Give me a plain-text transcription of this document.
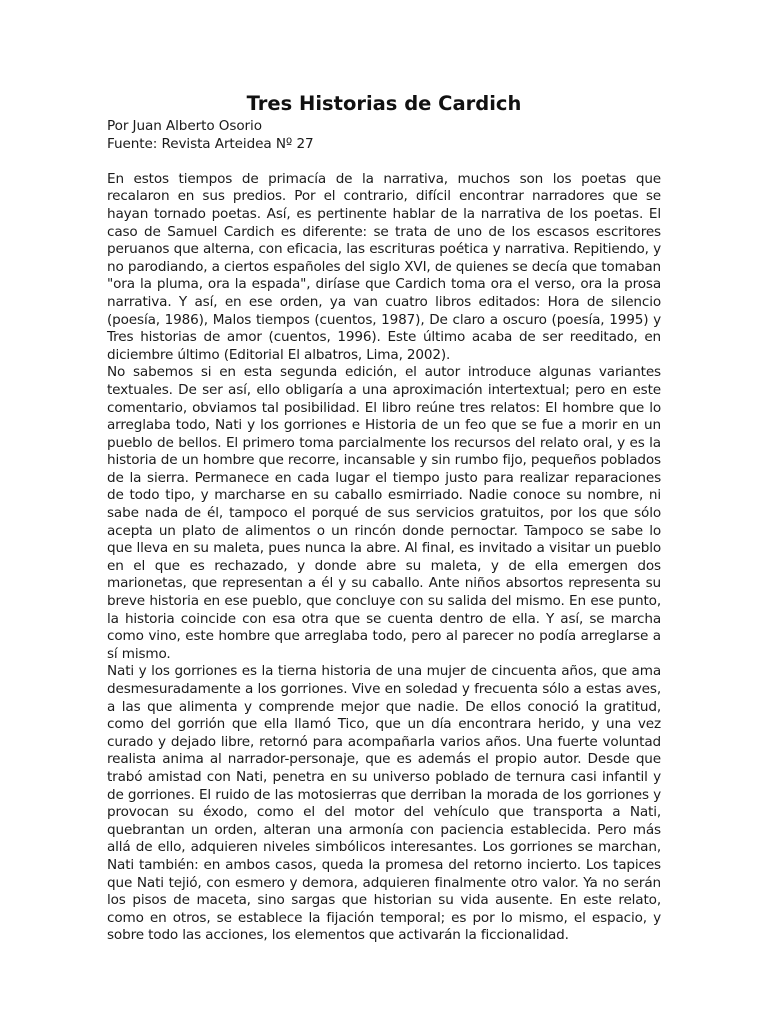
Tres Historias de Cardich
Por Juan Alberto Osorio
Fuente: Revista Arteidea Nº 27

En estos tiempos de primacía de la narrativa, muchos son los poetas que recalaron en sus predios. Por el contrario, difícil encontrar narradores que se hayan tornado poetas. Así, es pertinente hablar de la narrativa de los poetas. El caso de Samuel Cardich es diferente: se trata de uno de los escasos escritores peruanos que alterna, con eficacia, las escrituras poética y narrativa. Repitiendo, y no parodiando, a ciertos españoles del siglo XVI, de quienes se decía que tomaban "ora la pluma, ora la espada", diríase que Cardich toma ora el verso, ora la prosa narrativa. Y así, en ese orden, ya van cuatro libros editados: Hora de silencio (poesía, 1986), Malos tiempos (cuentos, 1987), De claro a oscuro (poesía, 1995) y Tres historias de amor (cuentos, 1996). Este último acaba de ser reeditado, en diciembre último (Editorial El albatros, Lima, 2002).

No sabemos si en esta segunda edición, el autor introduce algunas variantes textuales. De ser así, ello obligaría a una aproximación intertextual; pero en este comentario, obviamos tal posibilidad. El libro reúne tres relatos: El hombre que lo arreglaba todo, Nati y los gorriones e Historia de un feo que se fue a morir en un pueblo de bellos. El primero toma parcialmente los recursos del relato oral, y es la historia de un hombre que recorre, incansable y sin rumbo fijo, pequeños poblados de la sierra. Permanece en cada lugar el tiempo justo para realizar reparaciones de todo tipo, y marcharse en su caballo esmirriado. Nadie conoce su nombre, ni sabe nada de él, tampoco el porqué de sus servicios gratuitos, por los que sólo acepta un plato de alimentos o un rincón donde pernoctar. Tampoco se sabe lo que lleva en su maleta, pues nunca la abre. Al final, es invitado a visitar un pueblo en el que es rechazado, y donde abre su maleta, y de ella emergen dos marionetas, que representan a él y su caballo. Ante niños absortos representa su breve historia en ese pueblo, que concluye con su salida del mismo. En ese punto, la historia coincide con esa otra que se cuenta dentro de ella. Y así, se marcha como vino, este hombre que arreglaba todo, pero al parecer no podía arreglarse a sí mismo.

Nati y los gorriones es la tierna historia de una mujer de cincuenta años, que ama desmesuradamente a los gorriones. Vive en soledad y frecuenta sólo a estas aves, a las que alimenta y comprende mejor que nadie. De ellos conoció la gratitud, como del gorrión que ella llamó Tico, que un día encontrara herido, y una vez curado y dejado libre, retornó para acompañarla varios años. Una fuerte voluntad realista anima al narrador-personaje, que es además el propio autor. Desde que trabó amistad con Nati, penetra en su universo poblado de ternura casi infantil y de gorriones. El ruido de las motosierras que derriban la morada de los gorriones y provocan su éxodo, como el del motor del vehículo que transporta a Nati, quebrantan un orden, alteran una armonía con paciencia establecida. Pero más allá de ello, adquieren niveles simbólicos interesantes. Los gorriones se marchan, Nati también: en ambos casos, queda la promesa del retorno incierto. Los tapices que Nati tejió, con esmero y demora, adquieren finalmente otro valor. Ya no serán los pisos de maceta, sino sargas que historian su vida ausente. En este relato, como en otros, se establece la fijación temporal; es por lo mismo, el espacio, y sobre todo las acciones, los elementos que activarán la ficcionalidad.
